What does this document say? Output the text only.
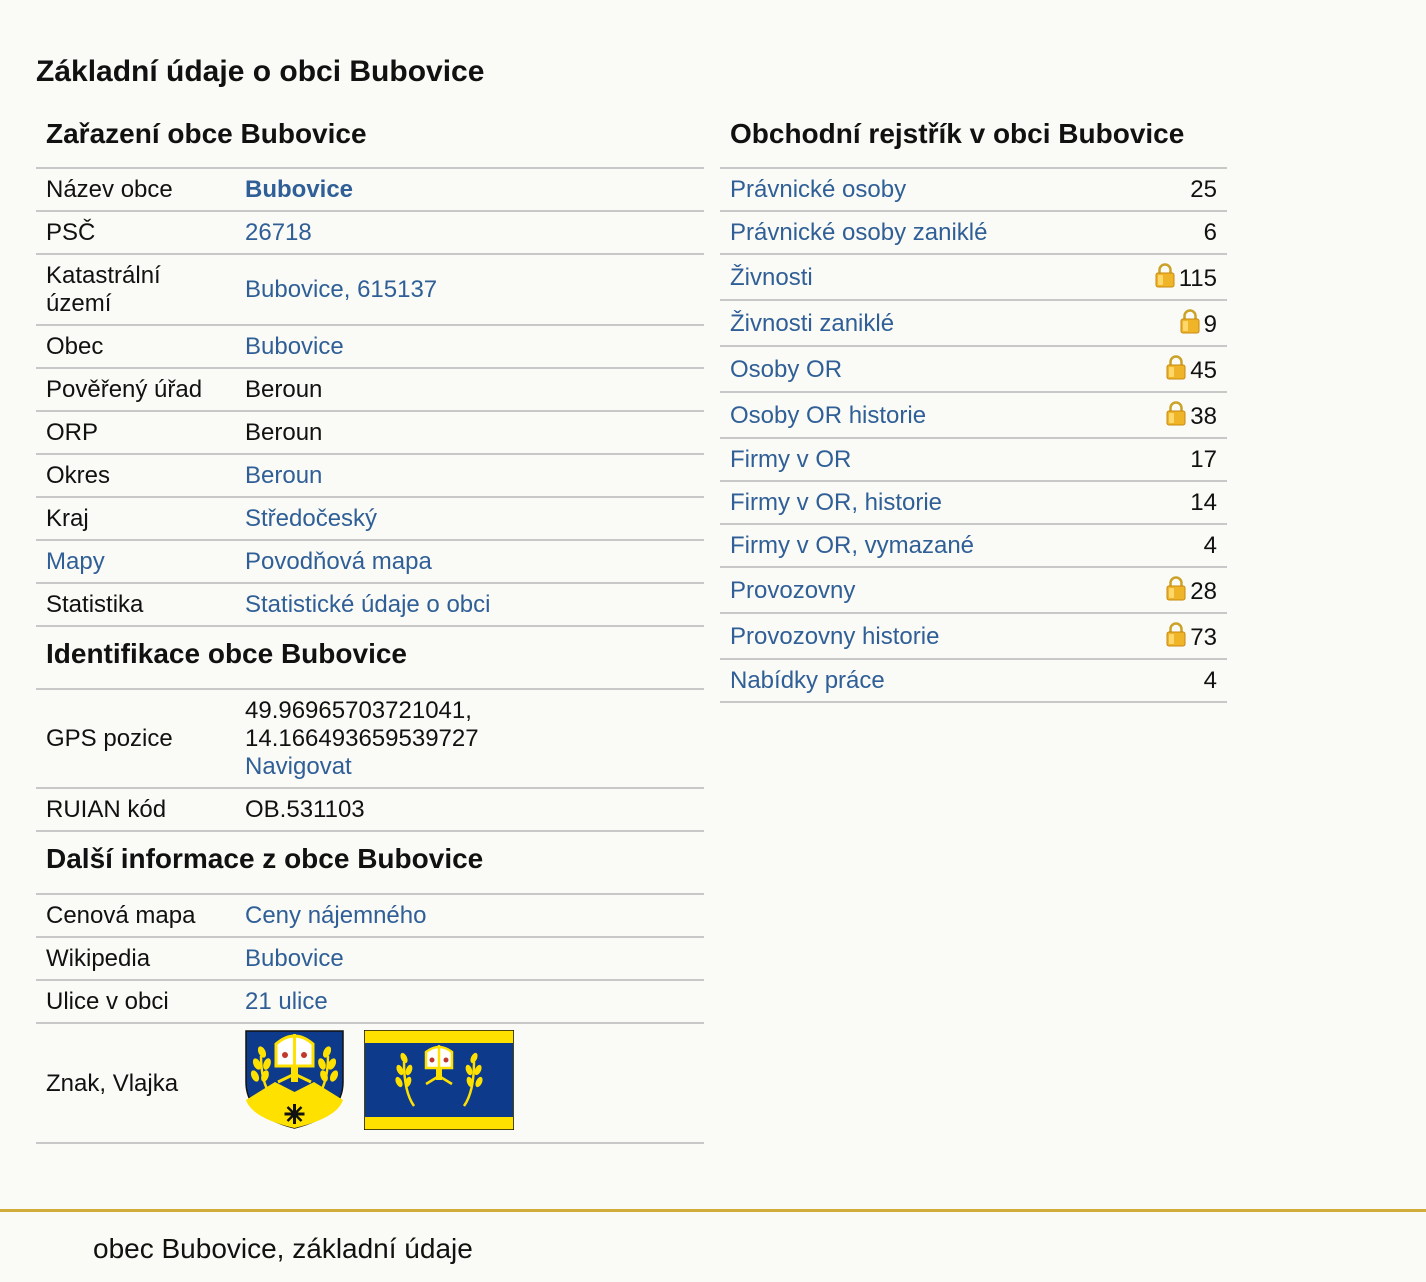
Základní údaje o obci Bubovice
Zařazení obce Bubovice
Název obce	Bubovice
PSČ	26718
Katastrální území	Bubovice, 615137
Obec	Bubovice
Pověřený úřad	Beroun
ORP	Beroun
Okres	Beroun
Kraj	Středočeský
Mapy	Povodňová mapa
Statistika	Statistické údaje o obci
Identifikace obce Bubovice
GPS pozice	49.96965703721041,
14.166493659539727
Navigovat
RUIAN kód	OB.531103
Další informace z obce Bubovice
Cenová mapa	Ceny nájemného
Wikipedia	Bubovice
Ulice v obci	21 ulice
Znak, Vlajka	
Obchodní rejstřík v obci Bubovice
Právnické osoby	25
Právnické osoby zaniklé	6
Živnosti	115
Živnosti zaniklé	9
Osoby OR	45
Osoby OR historie	38
Firmy v OR	17
Firmy v OR, historie	14
Firmy v OR, vymazané	4
Provozovny	28
Provozovny historie	73
Nabídky práce	4
obec Bubovice, základní údaje
